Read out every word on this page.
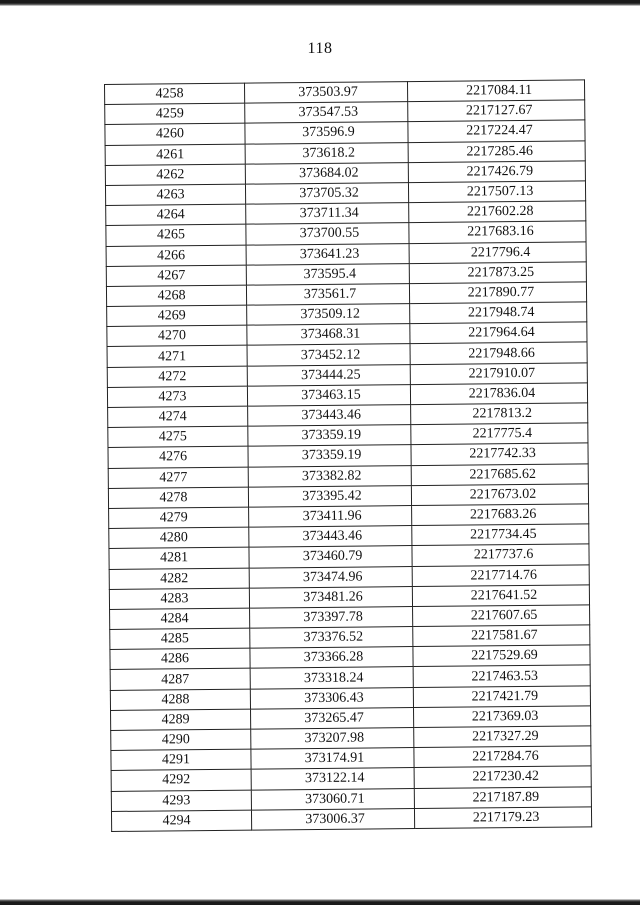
118
4258	373503.97	2217084.11
4259	373547.53	2217127.67
4260	373596.9	2217224.47
4261	373618.2	2217285.46
4262	373684.02	2217426.79
4263	373705.32	2217507.13
4264	373711.34	2217602.28
4265	373700.55	2217683.16
4266	373641.23	2217796.4
4267	373595.4	2217873.25
4268	373561.7	2217890.77
4269	373509.12	2217948.74
4270	373468.31	2217964.64
4271	373452.12	2217948.66
4272	373444.25	2217910.07
4273	373463.15	2217836.04
4274	373443.46	2217813.2
4275	373359.19	2217775.4
4276	373359.19	2217742.33
4277	373382.82	2217685.62
4278	373395.42	2217673.02
4279	373411.96	2217683.26
4280	373443.46	2217734.45
4281	373460.79	2217737.6
4282	373474.96	2217714.76
4283	373481.26	2217641.52
4284	373397.78	2217607.65
4285	373376.52	2217581.67
4286	373366.28	2217529.69
4287	373318.24	2217463.53
4288	373306.43	2217421.79
4289	373265.47	2217369.03
4290	373207.98	2217327.29
4291	373174.91	2217284.76
4292	373122.14	2217230.42
4293	373060.71	2217187.89
4294	373006.37	2217179.23
